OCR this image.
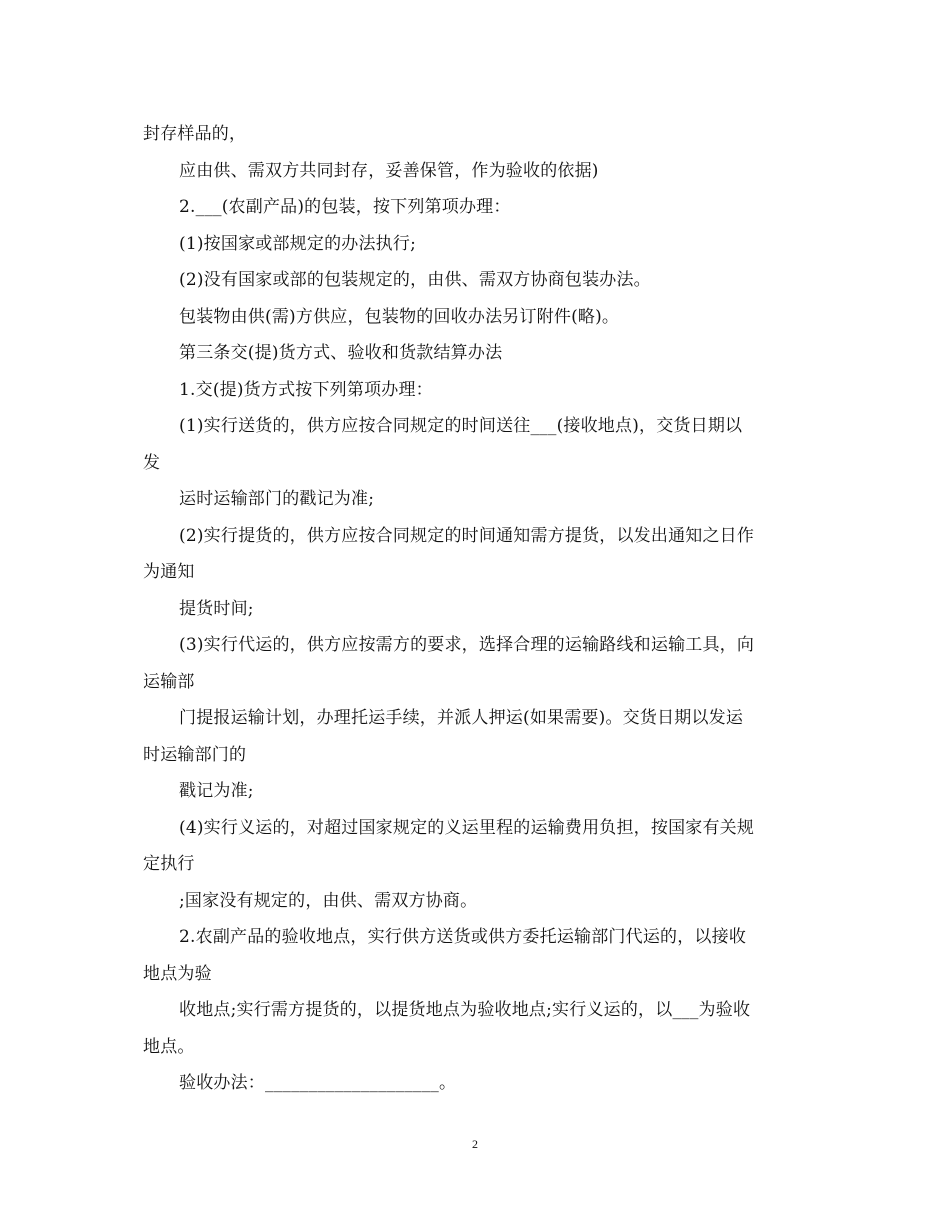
封存样品的，
应由供、需双方共同封存，妥善保管，作为验收的依据)
2.___(农副产品)的包装，按下列第项办理：
(1)按国家或部规定的办法执行;
(2)没有国家或部的包装规定的，由供、需双方协商包装办法。
包装物由供(需)方供应，包装物的回收办法另订附件(略)。
第三条交(提)货方式、验收和货款结算办法
1.交(提)货方式按下列第项办理：
(1)实行送货的，供方应按合同规定的时间送往___(接收地点)，交货日期以
发
运时运输部门的戳记为准;
(2)实行提货的，供方应按合同规定的时间通知需方提货，以发出通知之日作
为通知
提货时间;
(3)实行代运的，供方应按需方的要求，选择合理的运输路线和运输工具，向
运输部
门提报运输计划，办理托运手续，并派人押运(如果需要)。交货日期以发运
时运输部门的
戳记为准;
(4)实行义运的，对超过国家规定的义运里程的运输费用负担，按国家有关规
定执行
;国家没有规定的，由供、需双方协商。
2.农副产品的验收地点，实行供方送货或供方委托运输部门代运的，以接收
地点为验
收地点;实行需方提货的，以提货地点为验收地点;实行义运的，以___为验收
地点。
验收办法：____________________。
2
